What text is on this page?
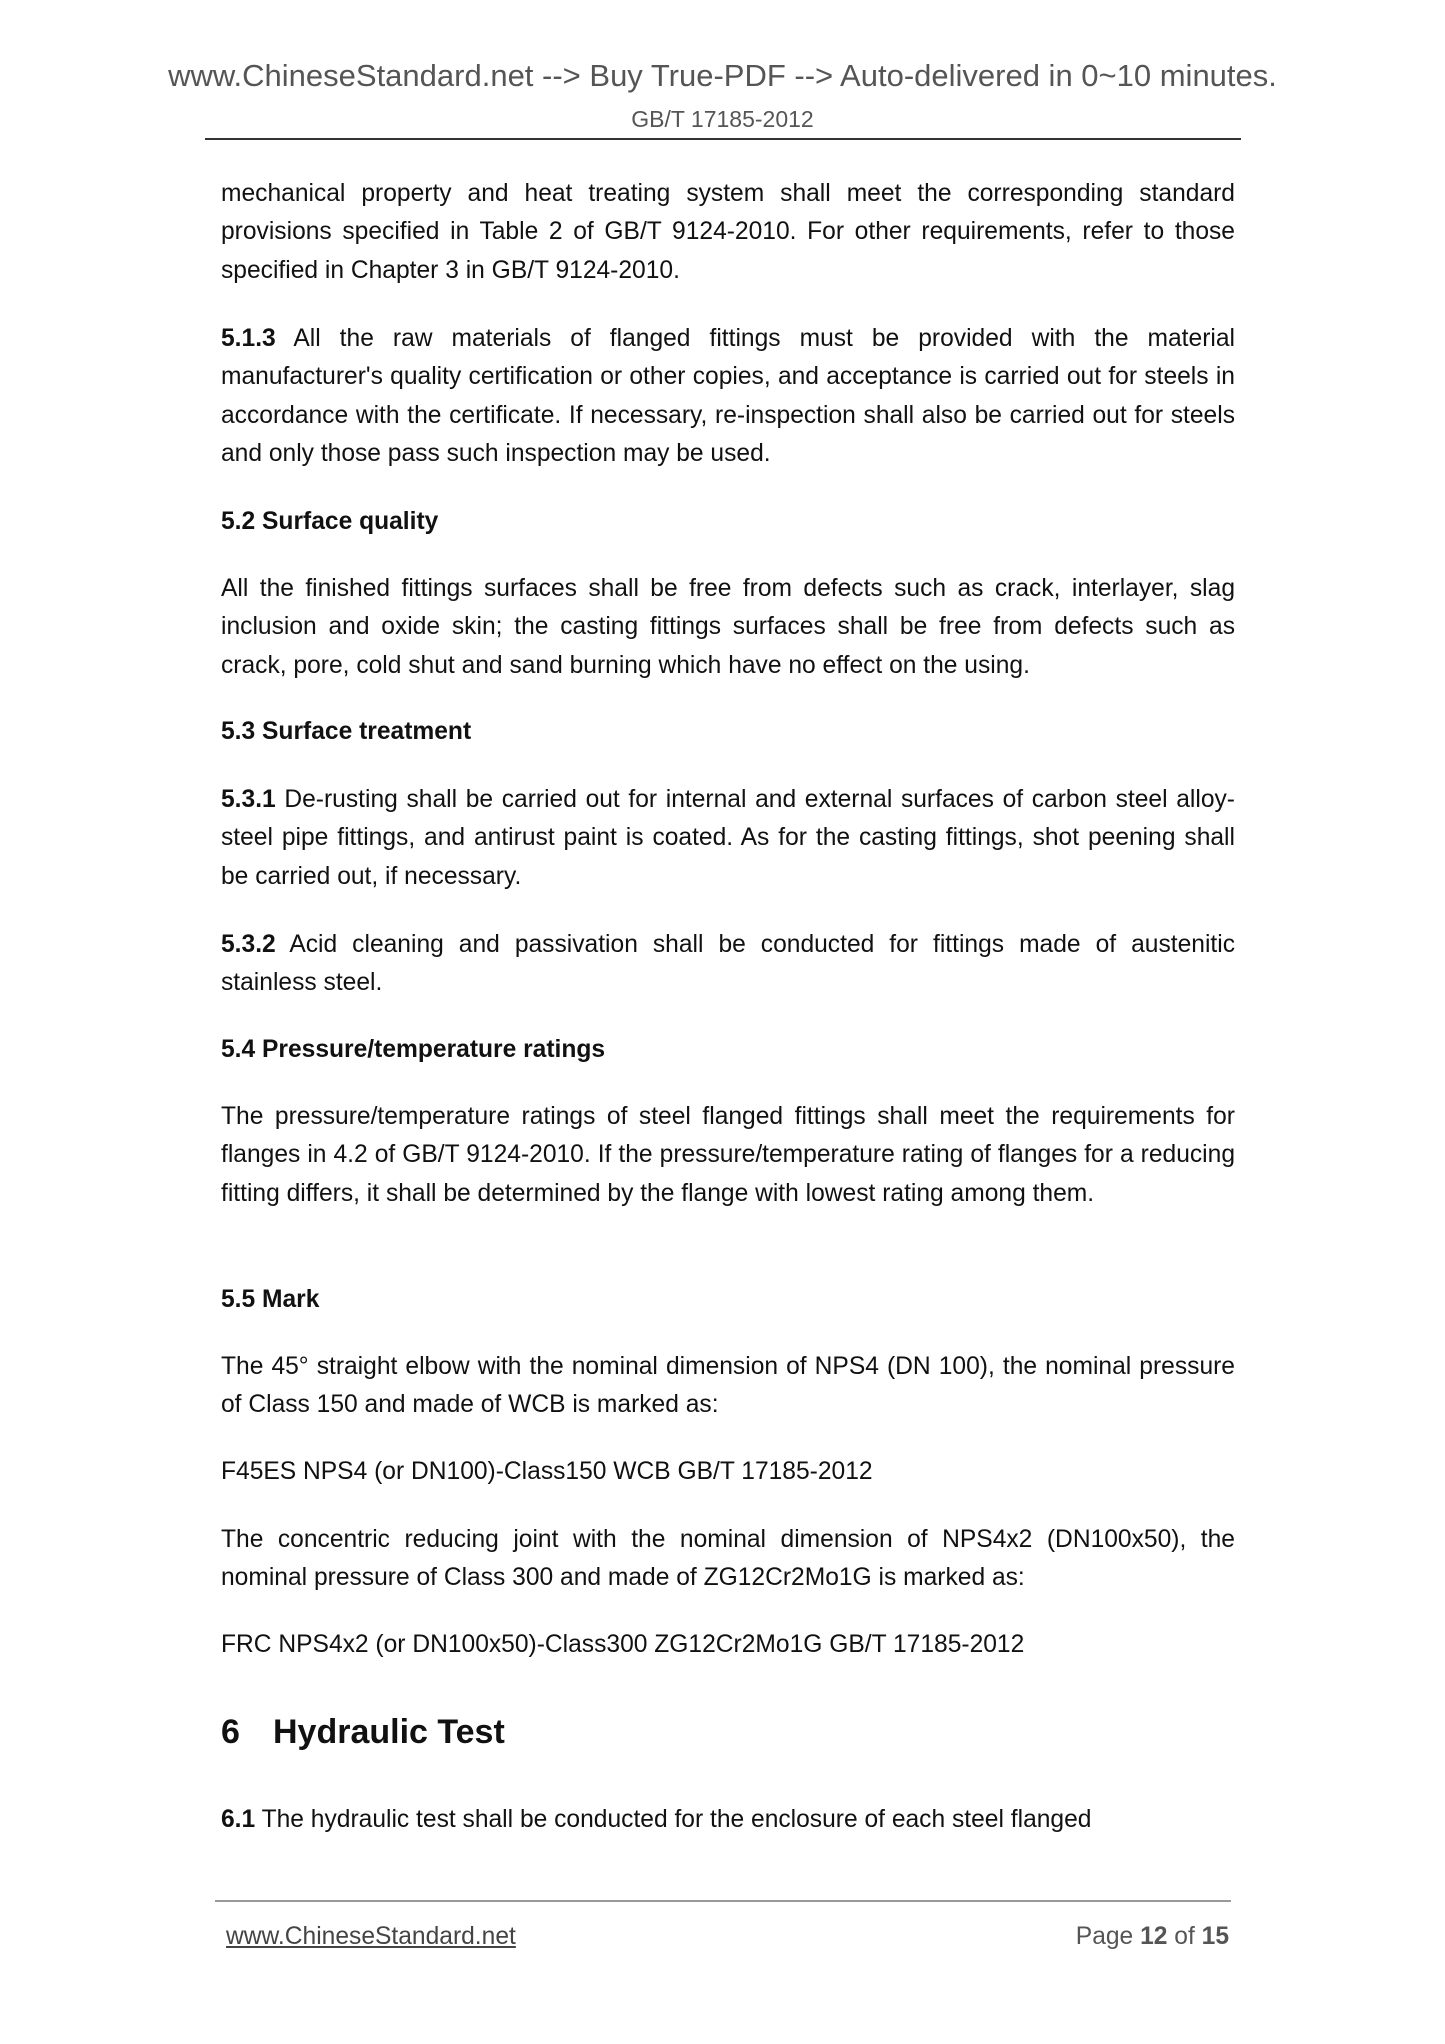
www.ChineseStandard.net --> Buy True-PDF --> Auto-delivered in 0~10 minutes.
GB/T 17185-2012

mechanical property and heat treating system shall meet the corresponding standard provisions specified in Table 2 of GB/T 9124-2010. For other requirements, refer to those specified in Chapter 3 in GB/T 9124-2010.

5.1.3 All the raw materials of flanged fittings must be provided with the material manufacturer's quality certification or other copies, and acceptance is carried out for steels in accordance with the certificate. If necessary, re-inspection shall also be carried out for steels and only those pass such inspection may be used.

5.2 Surface quality

All the finished fittings surfaces shall be free from defects such as crack, interlayer, slag inclusion and oxide skin; the casting fittings surfaces shall be free from defects such as crack, pore, cold shut and sand burning which have no effect on the using.

5.3 Surface treatment

5.3.1 De-rusting shall be carried out for internal and external surfaces of carbon steel alloy-steel pipe fittings, and antirust paint is coated. As for the casting fittings, shot peening shall be carried out, if necessary.

5.3.2 Acid cleaning and passivation shall be conducted for fittings made of austenitic stainless steel.

5.4 Pressure/temperature ratings

The pressure/temperature ratings of steel flanged fittings shall meet the requirements for flanges in 4.2 of GB/T 9124-2010. If the pressure/temperature rating of flanges for a reducing fitting differs, it shall be determined by the flange with lowest rating among them.

5.5 Mark

The 45° straight elbow with the nominal dimension of NPS4 (DN 100), the nominal pressure of Class 150 and made of WCB is marked as:

F45ES NPS4 (or DN100)-Class150 WCB GB/T 17185-2012

The concentric reducing joint with the nominal dimension of NPS4x2 (DN100x50), the nominal pressure of Class 300 and made of ZG12Cr2Mo1G is marked as:

FRC NPS4x2 (or DN100x50)-Class300 ZG12Cr2Mo1G GB/T 17185-2012

6 Hydraulic Test

6.1 The hydraulic test shall be conducted for the enclosure of each steel flanged

www.ChineseStandard.net	Page 12 of 15
